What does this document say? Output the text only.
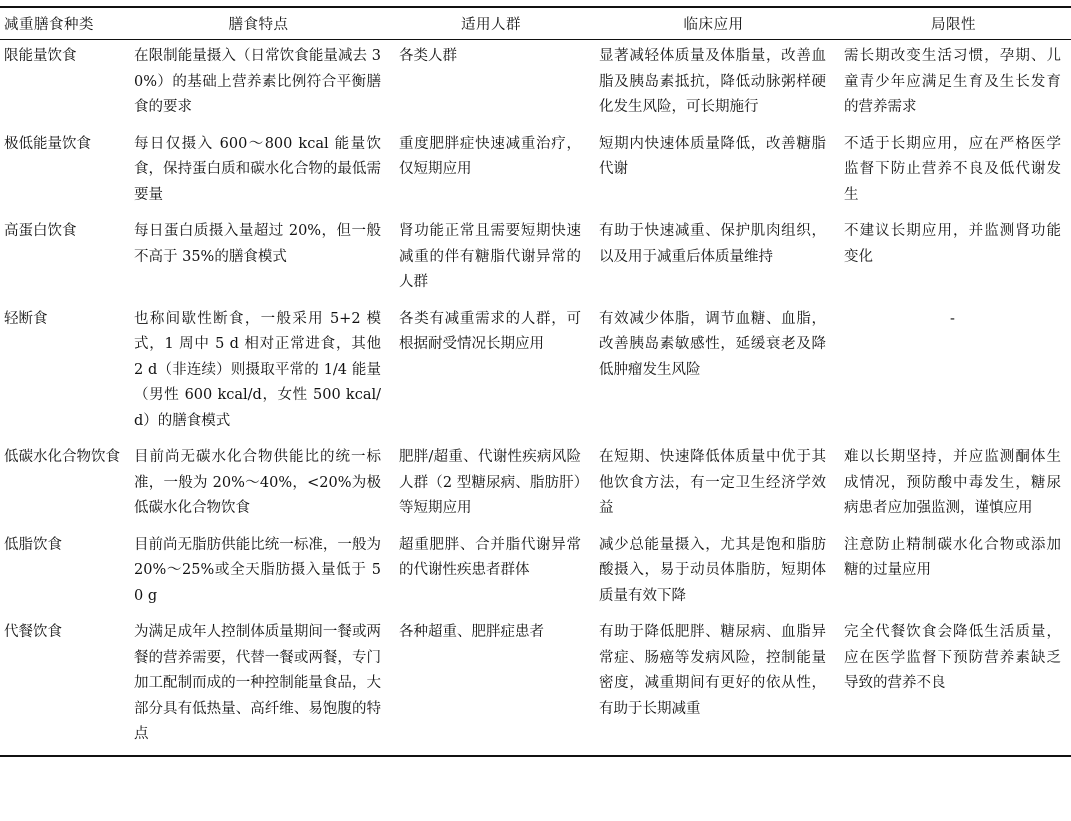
减重膳食种类	膳食特点	适用人群	临床应用	局限性
限能量饮食	在限制能量摄入（日常饮食能量减去 30%）的基础上营养素比例符合平衡膳食的要求	各类人群	显著减轻体质量及体脂量，改善血脂及胰岛素抵抗，降低动脉粥样硬化发生风险，可长期施行	需长期改变生活习惯，孕期、儿童青少年应满足生育及生长发育的营养需求
极低能量饮食	每日仅摄入 600～800 kcal 能量饮食，保持蛋白质和碳水化合物的最低需要量	重度肥胖症快速减重治疗，仅短期应用	短期内快速体质量降低，改善糖脂代谢	不适于长期应用，应在严格医学监督下防止营养不良及低代谢发生
高蛋白饮食	每日蛋白质摄入量超过 20%，但一般不高于 35%的膳食模式	肾功能正常且需要短期快速减重的伴有糖脂代谢异常的人群	有助于快速减重、保护肌肉组织，以及用于减重后体质量维持	不建议长期应用，并监测肾功能变化
轻断食	也称间歇性断食，一般采用 5+2 模式，1 周中 5 d 相对正常进食，其他 2 d（非连续）则摄取平常的 1/4 能量（男性 600 kcal/d，女性 500 kcal/d）的膳食模式	各类有减重需求的人群，可根据耐受情况长期应用	有效减少体脂，调节血糖、血脂，改善胰岛素敏感性，延缓衰老及降低肿瘤发生风险	-
低碳水化合物饮食	目前尚无碳水化合物供能比的统一标准，一般为 20%～40%，<20%为极低碳水化合物饮食	肥胖/超重、代谢性疾病风险人群（2 型糖尿病、脂肪肝）等短期应用	在短期、快速降低体质量中优于其他饮食方法，有一定卫生经济学效益	难以长期坚持，并应监测酮体生成情况，预防酸中毒发生，糖尿病患者应加强监测，谨慎应用
低脂饮食	目前尚无脂肪供能比统一标准，一般为 20%～25%或全天脂肪摄入量低于 50 g	超重肥胖、合并脂代谢异常的代谢性疾患者群体	减少总能量摄入，尤其是饱和脂肪酸摄入，易于动员体脂肪，短期体质量有效下降	注意防止精制碳水化合物或添加糖的过量应用
代餐饮食	为满足成年人控制体质量期间一餐或两餐的营养需要，代替一餐或两餐，专门加工配制而成的一种控制能量食品，大部分具有低热量、高纤维、易饱腹的特点	各种超重、肥胖症患者	有助于降低肥胖、糖尿病、血脂异常症、肠癌等发病风险，控制能量密度，减重期间有更好的依从性，有助于长期减重	完全代餐饮食会降低生活质量，应在医学监督下预防营养素缺乏导致的营养不良
